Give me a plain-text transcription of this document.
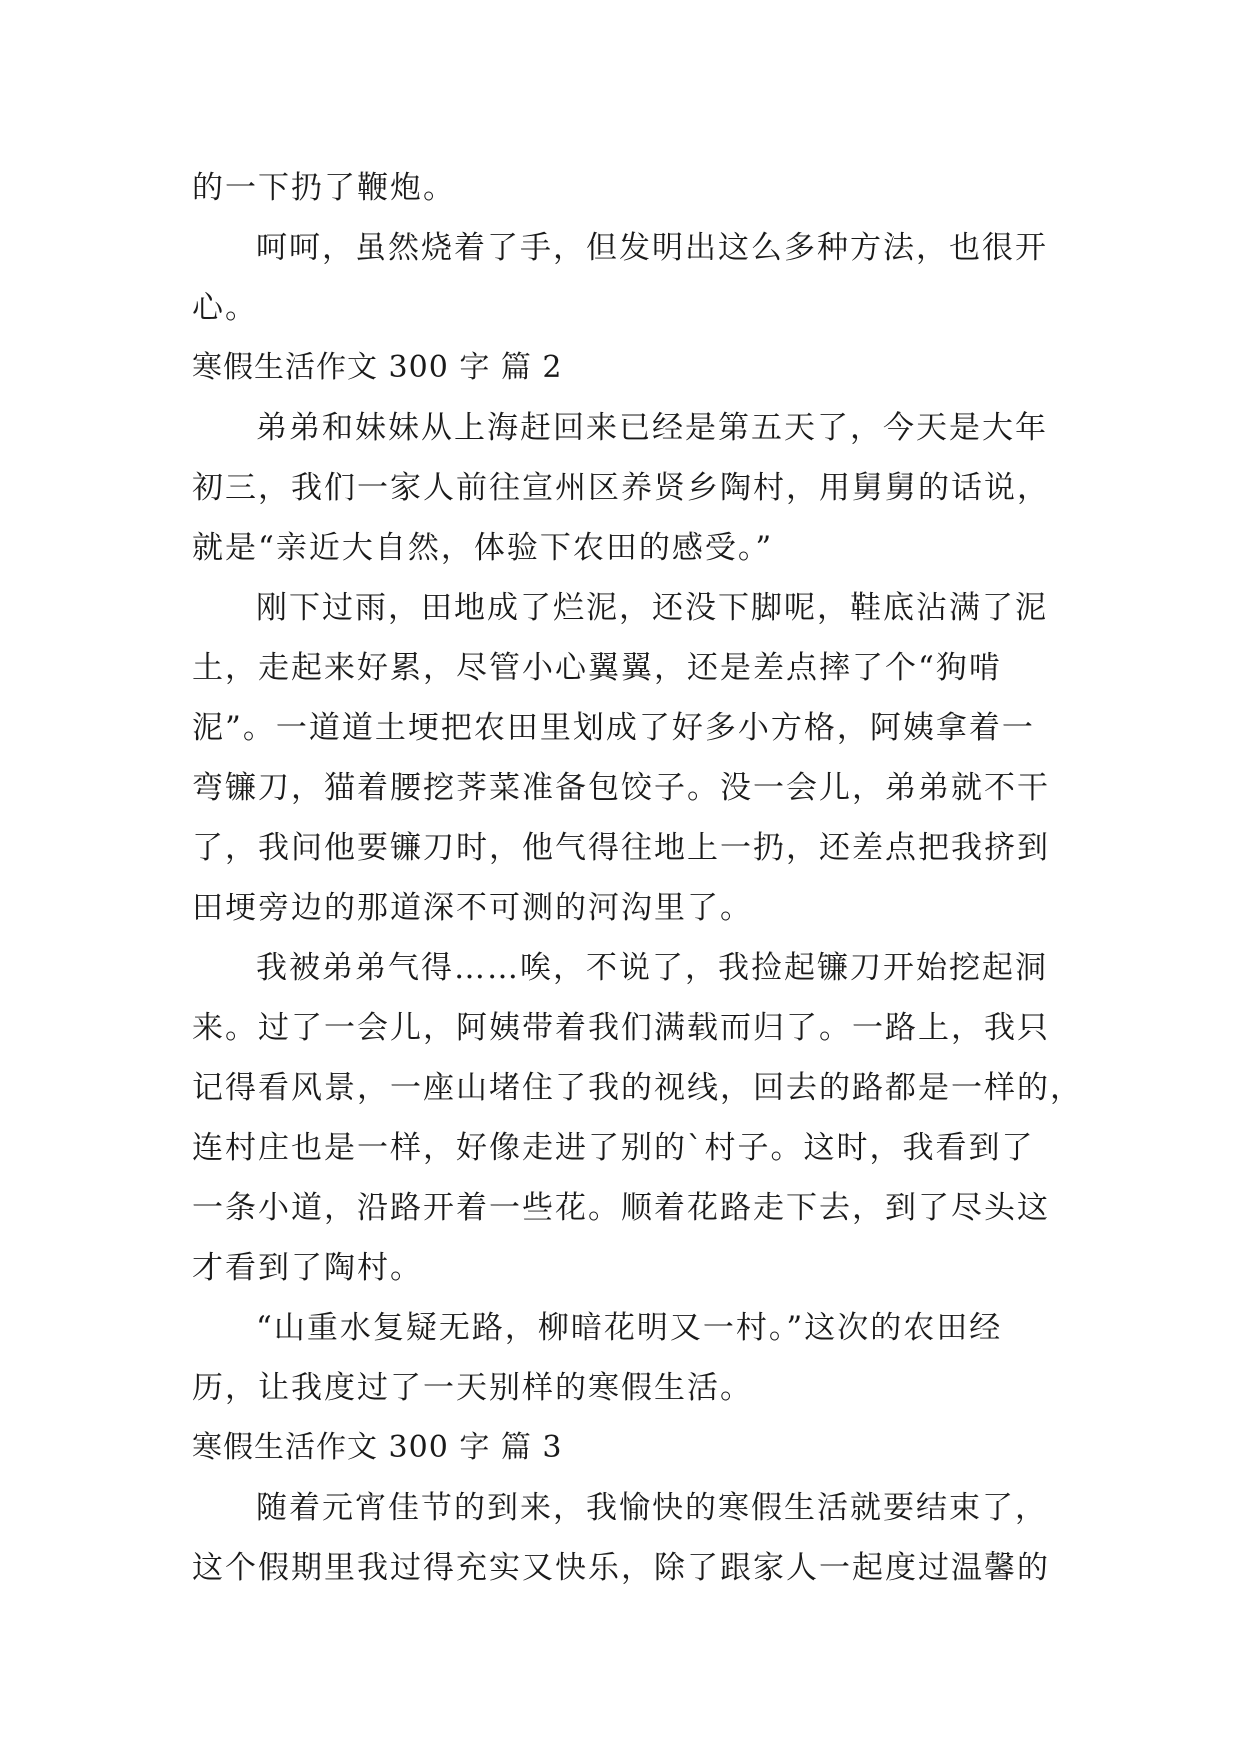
的一下扔了鞭炮。
呵呵，虽然烧着了手，但发明出这么多种方法，也很开
心。
寒假生活作文 300 字 篇 2
弟弟和妹妹从上海赶回来已经是第五天了，今天是大年
初三，我们一家人前往宣州区养贤乡陶村，用舅舅的话说，
就是“亲近大自然，体验下农田的感受。”
刚下过雨，田地成了烂泥，还没下脚呢，鞋底沾满了泥
土，走起来好累，尽管小心翼翼，还是差点摔了个“狗啃
泥”。一道道土埂把农田里划成了好多小方格，阿姨拿着一
弯镰刀，猫着腰挖荠菜准备包饺子。没一会儿，弟弟就不干
了，我问他要镰刀时，他气得往地上一扔，还差点把我挤到
田埂旁边的那道深不可测的河沟里了。
我被弟弟气得……唉，不说了，我捡起镰刀开始挖起洞
来。过了一会儿，阿姨带着我们满载而归了。一路上，我只
记得看风景，一座山堵住了我的视线，回去的路都是一样的，
连村庄也是一样，好像走进了别的`村子。这时，我看到了
一条小道，沿路开着一些花。顺着花路走下去，到了尽头这
才看到了陶村。
“山重水复疑无路，柳暗花明又一村。”这次的农田经
历，让我度过了一天别样的寒假生活。
寒假生活作文 300 字 篇 3
随着元宵佳节的到来，我愉快的寒假生活就要结束了，
这个假期里我过得充实又快乐，除了跟家人一起度过温馨的
